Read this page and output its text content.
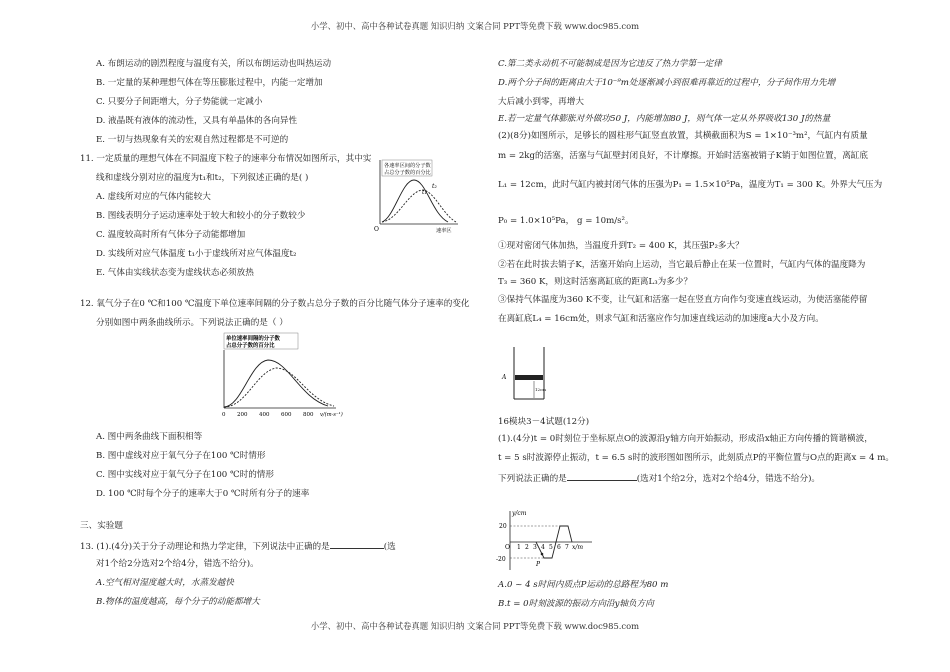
小学、初中、高中各种试卷真题 知识归纳 文案合同 PPT等免费下载 www.doc985.com
小学、初中、高中各种试卷真题 知识归纳 文案合同 PPT等免费下载 www.doc985.com
A. 布朗运动的剧烈程度与温度有关，所以布朗运动也叫热运动
B. 一定量的某种理想气体在等压膨胀过程中，内能一定增加
C. 只要分子间距增大，分子势能就一定减小
D. 液晶既有液体的流动性，又具有单晶体的各向异性
E. 一切与热现象有关的宏观自然过程都是不可逆的
11. 一定质量的理想气体在不同温度下粒子的速率分布情况如图所示，其中实
线和虚线分别对应的温度为t₁和t₂，下列叙述正确的是( )
A. 虚线所对应的气体内能较大
B. 图线表明分子运动速率处于较大和较小的分子数较少
C. 温度较高时所有气体分子动能都增加
D. 实线所对应气体温度 t₁小于虚线所对应气体温度t₂
E. 气体由实线状态变为虚线状态必须放热
各速率区间的分子数
占总分子数的百分比
t₁
t₂
O	速率区
12. 氧气分子在0 ℃和100 ℃温度下单位速率间隔的分子数占总分子数的百分比随气体分子速率的变化
分别如图中两条曲线所示。下列说法正确的是（ ）
单位速率间隔的分子数
占总分子数的百分比
0 200 400 600 800 v/(m·s⁻¹)
A. 图中两条曲线下面积相等
B. 图中虚线对应于氧气分子在100 ℃时情形
C. 图中实线对应于氧气分子在100 ℃时的情形
D. 100 ℃时每个分子的速率大于0 ℃时所有分子的速率
三、实验题
13. (1).(4分)关于分子动理论和热力学定律，下列说法中正确的是	(选
对1个给2分选对2个给4分，错选不给分)。
A.空气相对湿度越大时，水蒸发越快
B.物体的温度越高，每个分子的动能都增大
C.第二类永动机不可能制成是因为它违反了热力学第一定律
D.两个分子间的距离由大于10⁻⁹m处逐渐减小到很难再靠近的过程中，分子间作用力先增
大后减小到零，再增大
E.若一定量气体膨胀对外做功50 J，内能增加80 J，则气体一定从外界吸收130 J的热量
(2)(8分)如图所示，足够长的圆柱形气缸竖直放置，其横截面积为S = 1×10⁻³m²，气缸内有质量
m = 2kg的活塞，活塞与气缸壁封闭良好，不计摩擦。开始时活塞被销子K销于如图位置，离缸底
L₁ = 12cm，此时气缸内被封闭气体的压强为P₁ = 1.5×10⁵Pa，温度为T₁ = 300 K。外界大气压为
P₀ = 1.0×10⁵Pa， g = 10m/s²。
①现对密闭气体加热，当温度升到T₂ = 400 K，其压强P₂多大？
②若在此时拔去销子K，活塞开始向上运动，当它最后静止在某一位置时，气缸内气体的温度降为
T₃ = 360 K，则这时活塞离缸底的距离L₃为多少？
③保持气体温度为360 K不变，让气缸和活塞一起在竖直方向作匀变速直线运动，为使活塞能停留
在离缸底L₄ = 16cm处，则求气缸和活塞应作匀加速直线运动的加速度a大小及方向。
A
12cm
16模块3－4试题(12分)
(1).(4分)t = 0时刻位于坐标原点O的波源沿y轴方向开始振动，形成沿x轴正方向传播的简谐横波，
t = 5 s时波源停止振动，t = 6.5 s时的波形图如图所示，此刻质点P的平衡位置与O点的距离x = 4 m。
下列说法正确的是	(选对1个给2分，选对2个给4分，错选不给分)。
y/cm
20
-20
O 1 2 3 4 5 6 7 x/m
P
A.0 ~ 4 s时间内质点P运动的总路程为80 m
B.t = 0时刻波源的振动方向沿y轴负方向
